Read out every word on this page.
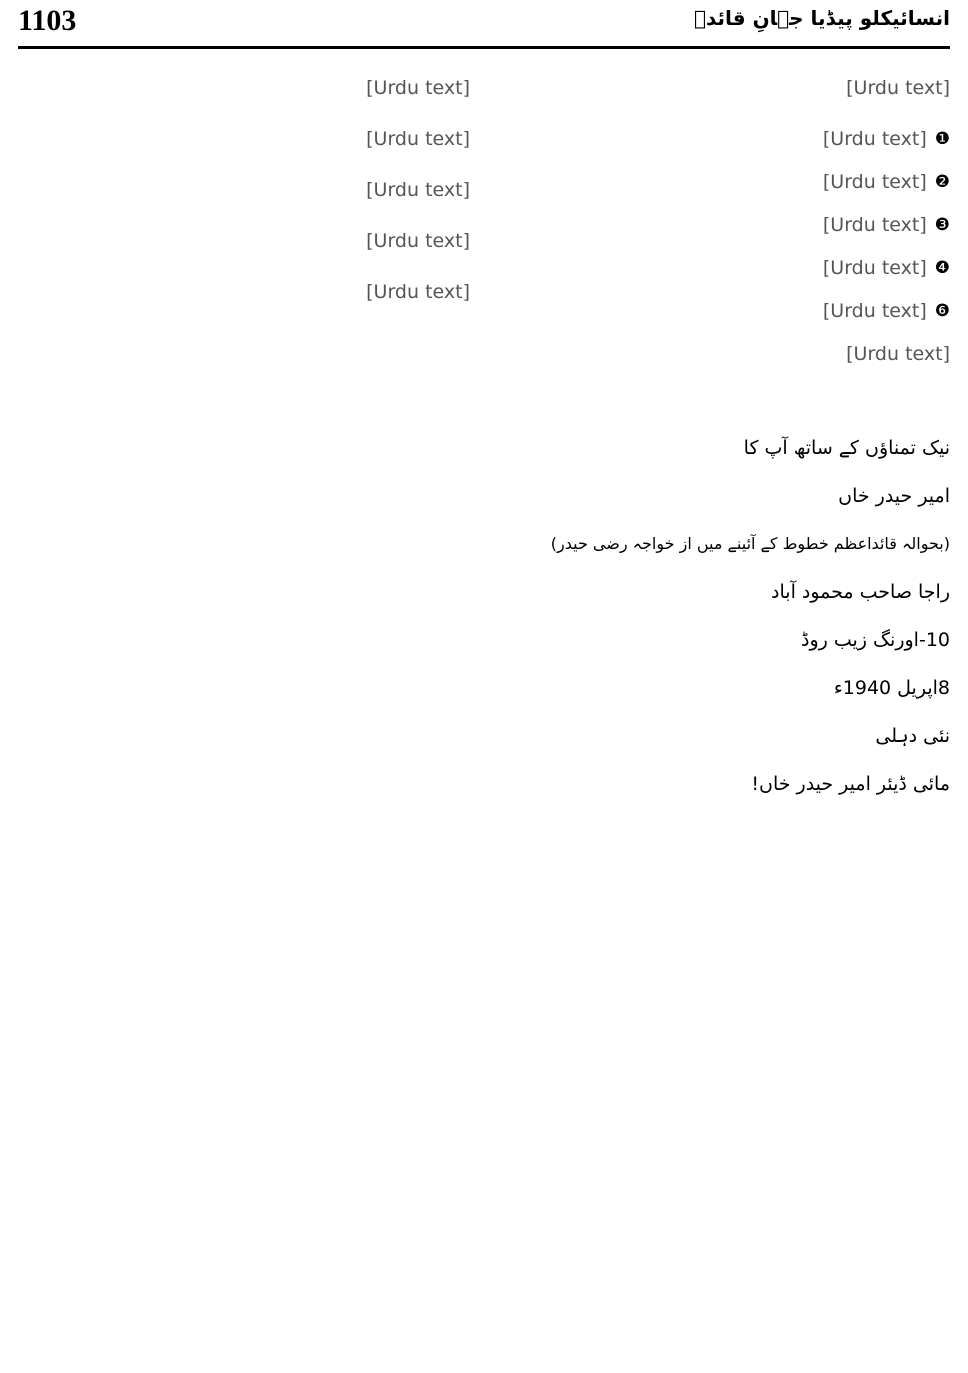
1103	انسائیکلو پیڈیا جہانِ قائدؒ

[Urdu text]

❶
[Urdu text]
❷
[Urdu text]
❸
[Urdu text]
❹
[Urdu text]
❻
[Urdu text]

[Urdu text]

نیک تمناؤں کے ساتھ آپ کا
امیر حیدر خاں
(بحوالہ قائداعظم خطوط کے آئینے میں از خواجہ رضی حیدر)
راجا صاحب محمود آباد
10-اورنگ زیب روڈ
8اپریل 1940ء
نئی دہلی
مائی ڈیئر امیر حیدر خاں!

[Urdu text]

[Urdu text]

[Urdu text]

[Urdu text]

[Urdu text]
